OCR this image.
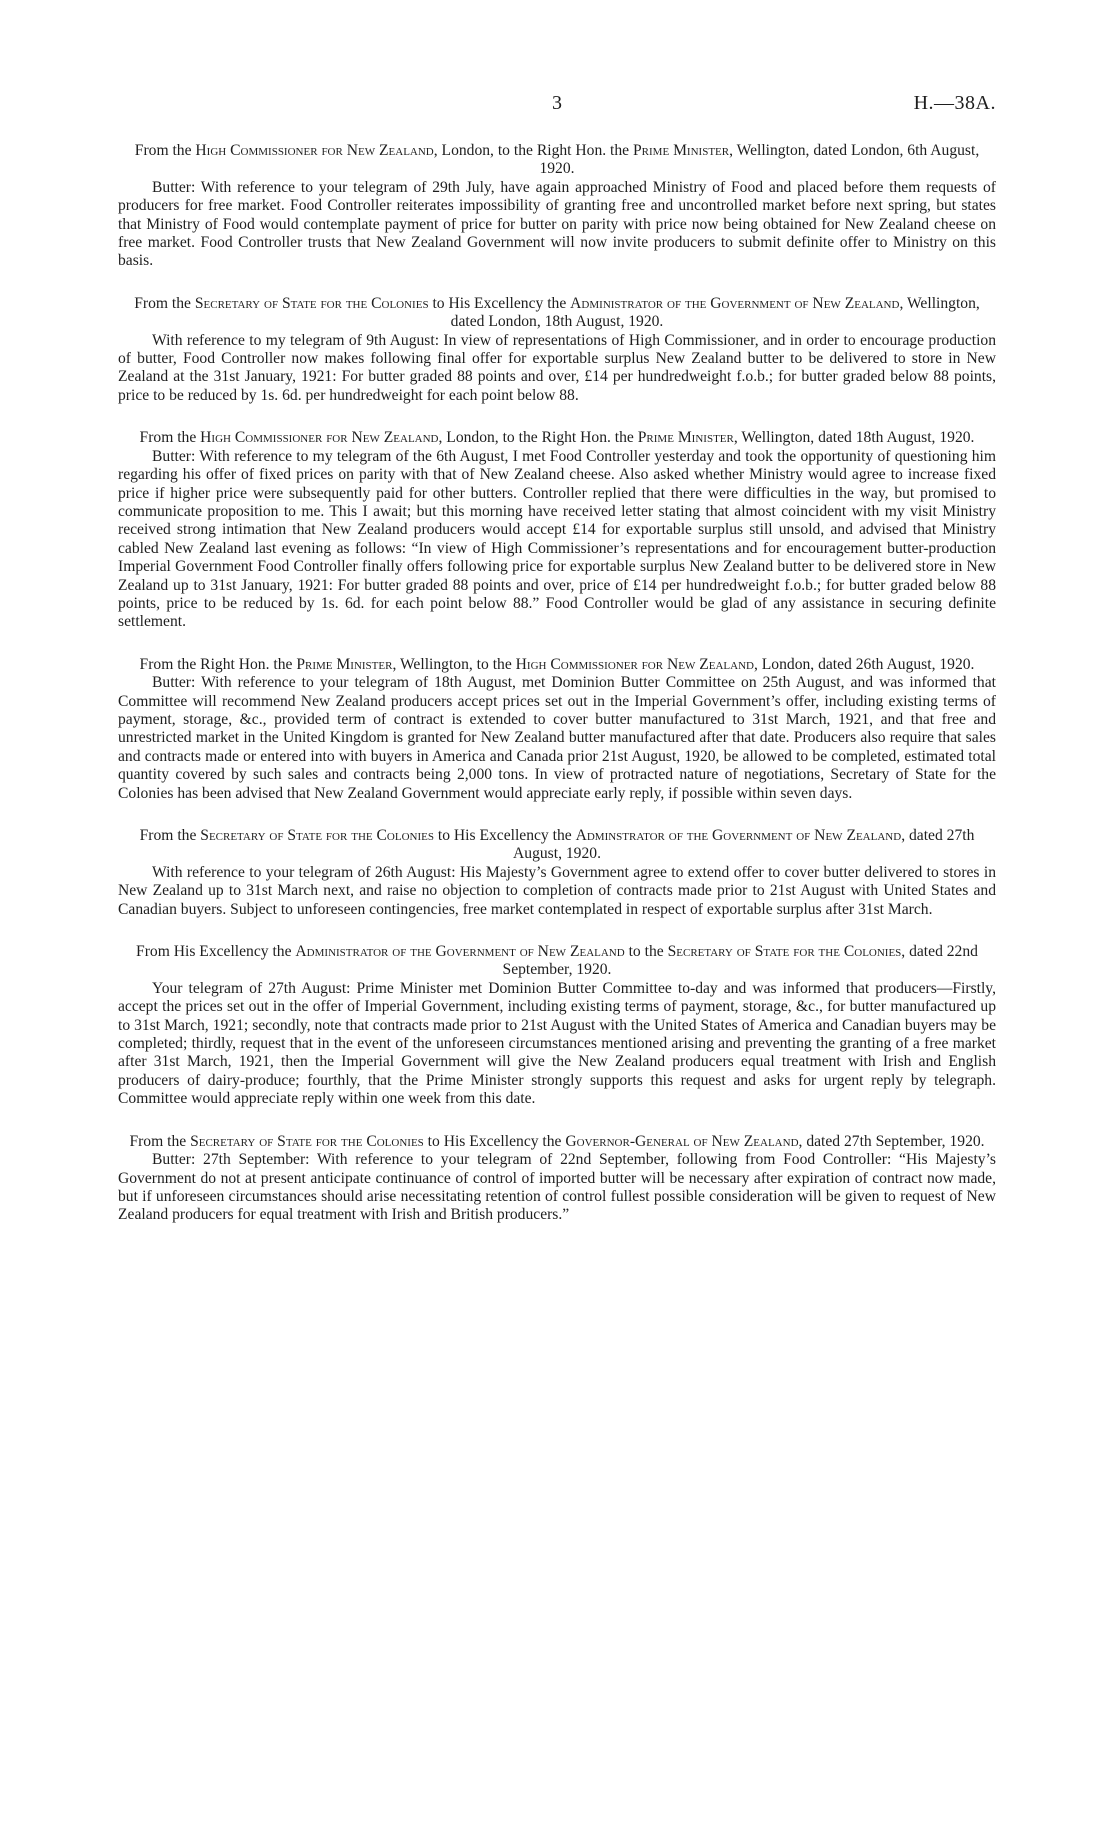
3	H.—38A.

From the High Commissioner for New Zealand, London, to the Right Hon. the Prime Minister, Wellington, dated London, 6th August, 1920.

Butter: With reference to your telegram of 29th July, have again approached Ministry of Food and placed before them requests of producers for free market. Food Controller reiterates impossibility of granting free and uncontrolled market before next spring, but states that Ministry of Food would contemplate payment of price for butter on parity with price now being obtained for New Zealand cheese on free market. Food Controller trusts that New Zealand Government will now invite producers to submit definite offer to Ministry on this basis.

From the Secretary of State for the Colonies to His Excellency the Administrator of the Government of New Zealand, Wellington, dated London, 18th August, 1920.

With reference to my telegram of 9th August: In view of representations of High Commissioner, and in order to encourage production of butter, Food Controller now makes following final offer for exportable surplus New Zealand butter to be delivered to store in New Zealand at the 31st January, 1921: For butter graded 88 points and over, £14 per hundredweight f.o.b.; for butter graded below 88 points, price to be reduced by 1s. 6d. per hundredweight for each point below 88.

From the High Commissioner for New Zealand, London, to the Right Hon. the Prime Minister, Wellington, dated 18th August, 1920.

Butter: With reference to my telegram of the 6th August, I met Food Controller yesterday and took the opportunity of questioning him regarding his offer of fixed prices on parity with that of New Zealand cheese. Also asked whether Ministry would agree to increase fixed price if higher price were subsequently paid for other butters. Controller replied that there were difficulties in the way, but promised to communicate proposition to me. This I await; but this morning have received letter stating that almost coincident with my visit Ministry received strong intimation that New Zealand producers would accept £14 for exportable surplus still unsold, and advised that Ministry cabled New Zealand last evening as follows: “In view of High Commissioner’s representations and for encouragement butter-production Imperial Government Food Controller finally offers following price for exportable surplus New Zealand butter to be delivered store in New Zealand up to 31st January, 1921: For butter graded 88 points and over, price of £14 per hundredweight f.o.b.; for butter graded below 88 points, price to be reduced by 1s. 6d. for each point below 88.” Food Controller would be glad of any assistance in securing definite settlement.

From the Right Hon. the Prime Minister, Wellington, to the High Commissioner for New Zealand, London, dated 26th August, 1920.

Butter: With reference to your telegram of 18th August, met Dominion Butter Committee on 25th August, and was informed that Committee will recommend New Zealand producers accept prices set out in the Imperial Government’s offer, including existing terms of payment, storage, &c., provided term of contract is extended to cover butter manufactured to 31st March, 1921, and that free and unrestricted market in the United Kingdom is granted for New Zealand butter manufactured after that date. Producers also require that sales and contracts made or entered into with buyers in America and Canada prior 21st August, 1920, be allowed to be completed, estimated total quantity covered by such sales and contracts being 2,000 tons. In view of protracted nature of negotiations, Secretary of State for the Colonies has been advised that New Zealand Government would appreciate early reply, if possible within seven days.

From the Secretary of State for the Colonies to His Excellency the Adminstrator of the Government of New Zealand, dated 27th August, 1920.

With reference to your telegram of 26th August: His Majesty’s Government agree to extend offer to cover butter delivered to stores in New Zealand up to 31st March next, and raise no objection to completion of contracts made prior to 21st August with United States and Canadian buyers. Subject to unforeseen contingencies, free market contemplated in respect of exportable surplus after 31st March.

From His Excellency the Administrator of the Government of New Zealand to the Secretary of State for the Colonies, dated 22nd September, 1920.

Your telegram of 27th August: Prime Minister met Dominion Butter Committee to-day and was informed that producers—Firstly, accept the prices set out in the offer of Imperial Government, including existing terms of payment, storage, &c., for butter manufactured up to 31st March, 1921; secondly, note that contracts made prior to 21st August with the United States of America and Canadian buyers may be completed; thirdly, request that in the event of the unforeseen circumstances mentioned arising and preventing the granting of a free market after 31st March, 1921, then the Imperial Government will give the New Zealand producers equal treatment with Irish and English producers of dairy-produce; fourthly, that the Prime Minister strongly supports this request and asks for urgent reply by telegraph. Committee would appreciate reply within one week from this date.

From the Secretary of State for the Colonies to His Excellency the Governor-General of New Zealand, dated 27th September, 1920.

Butter: 27th September: With reference to your telegram of 22nd September, following from Food Controller: “His Majesty’s Government do not at present anticipate continuance of control of imported butter will be necessary after expiration of contract now made, but if unforeseen circumstances should arise necessitating retention of control fullest possible consideration will be given to request of New Zealand producers for equal treatment with Irish and British producers.”
